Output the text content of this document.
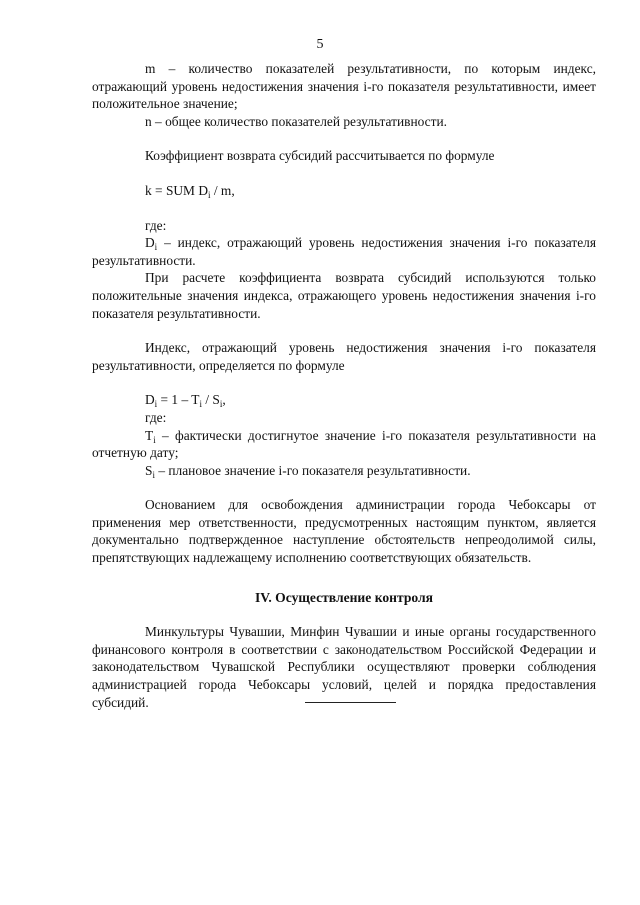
5

m – количество показателей результативности, по которым индекс, отражающий уровень недостижения значения i-го показателя результативности, имеет положительное значение;

n – общее количество показателей результативности.

Коэффициент возврата субсидий рассчитывается по формуле

k = SUM $D_i$ / m,

где:

$D_i$ – индекс, отражающий уровень недостижения значения i-го показателя результативности.

При расчете коэффициента возврата субсидий используются только положительные значения индекса, отражающего уровень недостижения значения i-го показателя результативности.

Индекс, отражающий уровень недостижения значения i-го показателя результативности, определяется по формуле

$D_i = 1 - T_i / S_i$,

где:

$T_i$ – фактически достигнутое значение i-го показателя результативности на отчетную дату;

$S_i$ – плановое значение i-го показателя результативности.

Основанием для освобождения администрации города Чебоксары от применения мер ответственности, предусмотренных настоящим пунктом, является документально подтвержденное наступление обстоятельств непреодолимой силы, препятствующих надлежащему исполнению соответствующих обязательств.

IV. Осуществление контроля

Минкультуры Чувашии, Минфин Чувашии и иные органы государственного финансового контроля в соответствии с законодательством Российской Федерации и законодательством Чувашской Республики осуществляют проверки соблюдения администрацией города Чебоксары условий, целей и порядка предоставления субсидий.
